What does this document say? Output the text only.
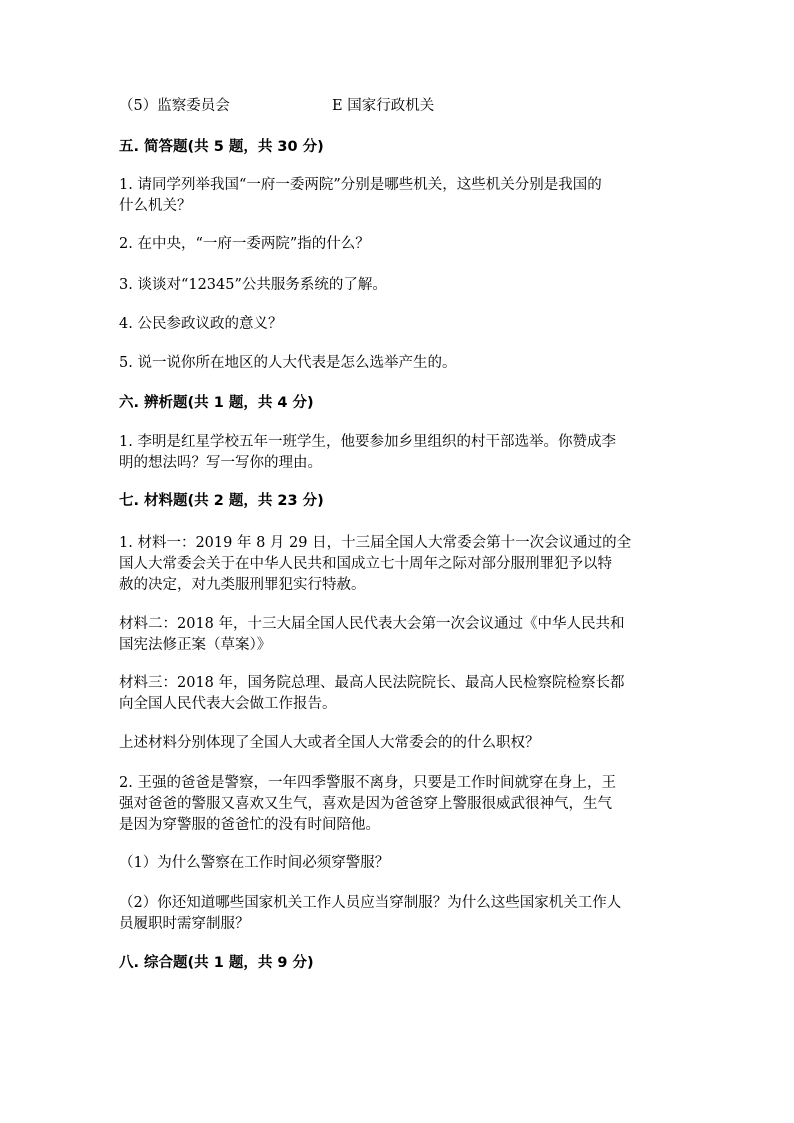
（5）监察委员会	E 国家行政机关
五. 简答题(共 5 题，共 30 分)
1. 请同学列举我国“一府一委两院”分别是哪些机关，这些机关分别是我国的
什么机关？
2. 在中央，“一府一委两院”指的什么？
3. 谈谈对“12345”公共服务系统的了解。
4. 公民参政议政的意义？
5. 说一说你所在地区的人大代表是怎么选举产生的。
六. 辨析题(共 1 题，共 4 分)
1. 李明是红星学校五年一班学生，他要参加乡里组织的村干部选举。你赞成李
明的想法吗？写一写你的理由。
七. 材料题(共 2 题，共 23 分)
1. 材料一：2019 年 8 月 29 日，十三届全国人大常委会第十一次会议通过的全
国人大常委会关于在中华人民共和国成立七十周年之际对部分服刑罪犯予以特
赦的决定，对九类服刑罪犯实行特赦。
材料二：2018 年，十三大届全国人民代表大会第一次会议通过《中华人民共和
国宪法修正案（草案）》
材料三：2018 年，国务院总理、最高人民法院院长、最高人民检察院检察长都
向全国人民代表大会做工作报告。
上述材料分别体现了全国人大或者全国人大常委会的的什么职权？
2. 王强的爸爸是警察，一年四季警服不离身，只要是工作时间就穿在身上，王
强对爸爸的警服又喜欢又生气，喜欢是因为爸爸穿上警服很威武很神气，生气
是因为穿警服的爸爸忙的没有时间陪他。
（1）为什么警察在工作时间必须穿警服？
（2）你还知道哪些国家机关工作人员应当穿制服？为什么这些国家机关工作人
员履职时需穿制服？
八. 综合题(共 1 题，共 9 分)
